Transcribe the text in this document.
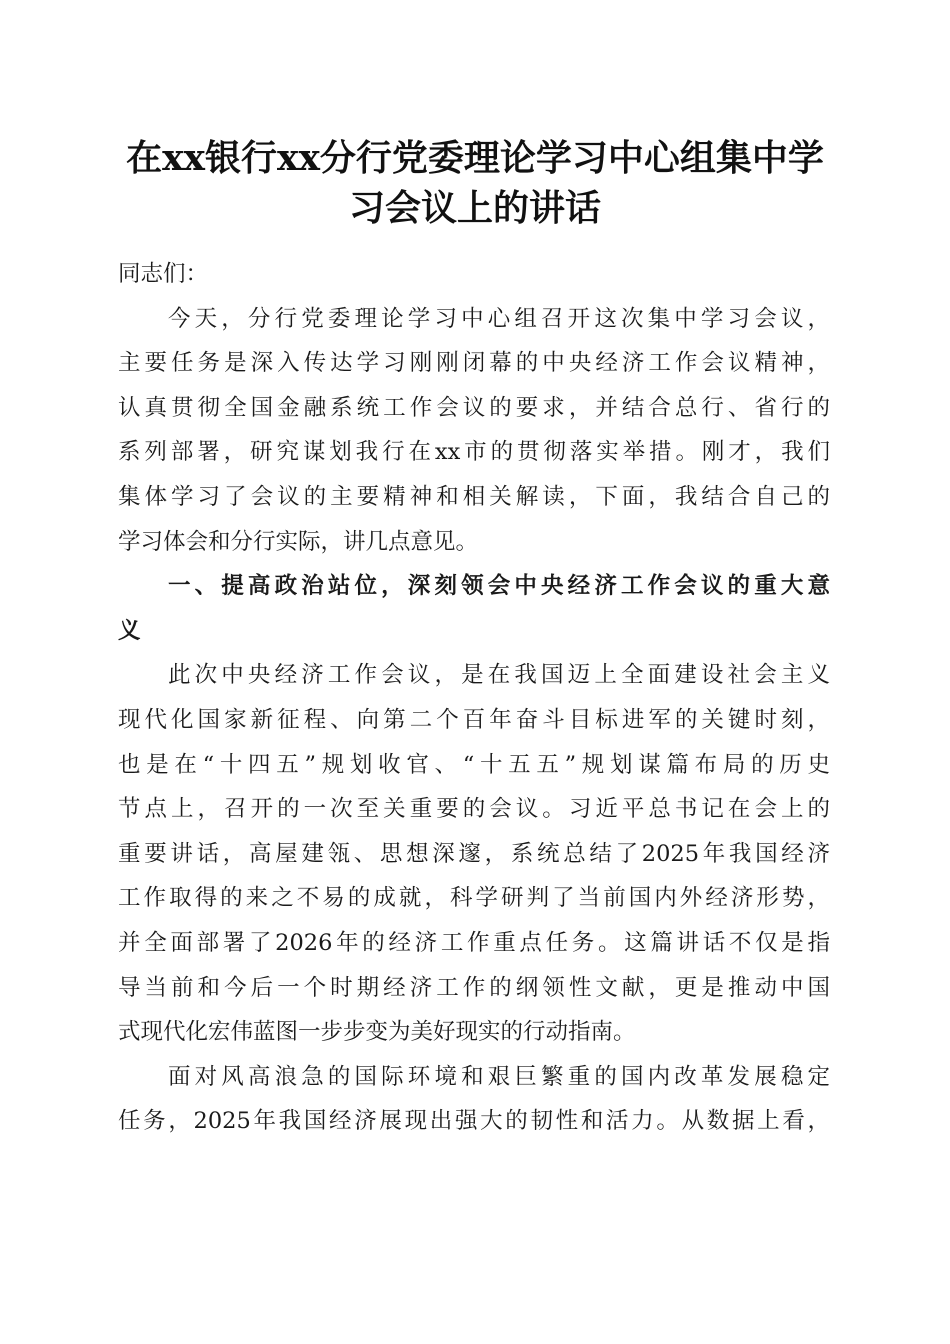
在xx银行xx分行党委理论学习中心组集中学
习会议上的讲话
同志们：
今天，分行党委理论学习中心组召开这次集中学习会议，
主要任务是深入传达学习刚刚闭幕的中央经济工作会议精神，
认真贯彻全国金融系统工作会议的要求，并结合总行、省行的
系列部署，研究谋划我行在xx市的贯彻落实举措。刚才，我们
集体学习了会议的主要精神和相关解读，下面，我结合自己的
学习体会和分行实际，讲几点意见。
一、提高政治站位，深刻领会中央经济工作会议的重大意
义
此次中央经济工作会议，是在我国迈上全面建设社会主义
现代化国家新征程、向第二个百年奋斗目标进军的关键时刻，
也是在“十四五”规划收官、“十五五”规划谋篇布局的历史
节点上，召开的一次至关重要的会议。习近平总书记在会上的
重要讲话，高屋建瓴、思想深邃，系统总结了2025年我国经济
工作取得的来之不易的成就，科学研判了当前国内外经济形势，
并全面部署了2026年的经济工作重点任务。这篇讲话不仅是指
导当前和今后一个时期经济工作的纲领性文献，更是推动中国
式现代化宏伟蓝图一步步变为美好现实的行动指南。
面对风高浪急的国际环境和艰巨繁重的国内改革发展稳定
任务，2025年我国经济展现出强大的韧性和活力。从数据上看，
